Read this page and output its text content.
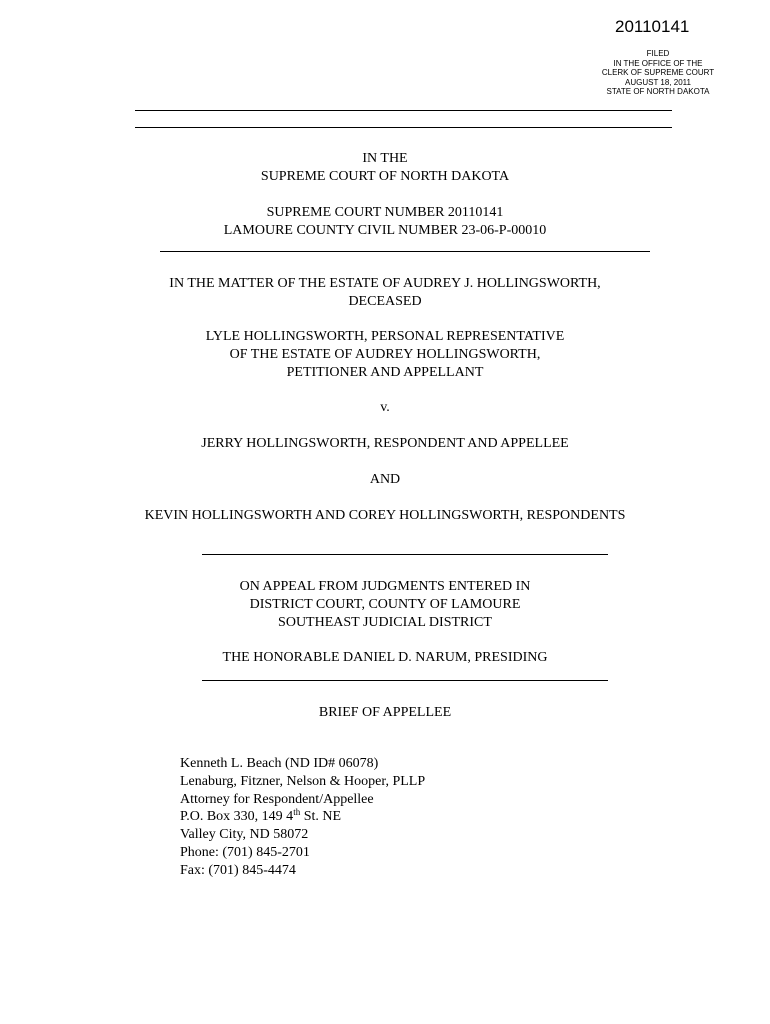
20110141
FILED
IN THE OFFICE OF THE
CLERK OF SUPREME COURT
AUGUST 18, 2011
STATE OF NORTH DAKOTA
IN THE
SUPREME COURT OF NORTH DAKOTA
SUPREME COURT NUMBER 20110141
LAMOURE COUNTY CIVIL NUMBER 23-06-P-00010
IN THE MATTER OF THE ESTATE OF AUDREY J. HOLLINGSWORTH,
DECEASED
LYLE HOLLINGSWORTH, PERSONAL REPRESENTATIVE
OF THE ESTATE OF AUDREY HOLLINGSWORTH,
PETITIONER AND APPELLANT
v.
JERRY HOLLINGSWORTH, RESPONDENT AND APPELLEE
AND
KEVIN HOLLINGSWORTH AND COREY HOLLINGSWORTH, RESPONDENTS
ON APPEAL FROM JUDGMENTS ENTERED IN
DISTRICT COURT, COUNTY OF LAMOURE
SOUTHEAST JUDICIAL DISTRICT
THE HONORABLE DANIEL D. NARUM, PRESIDING
BRIEF OF APPELLEE
Kenneth L. Beach (ND ID# 06078)
Lenaburg, Fitzner, Nelson & Hooper, PLLP
Attorney for Respondent/Appellee
P.O. Box 330, 149 4th St. NE
Valley City, ND 58072
Phone: (701) 845-2701
Fax: (701) 845-4474
